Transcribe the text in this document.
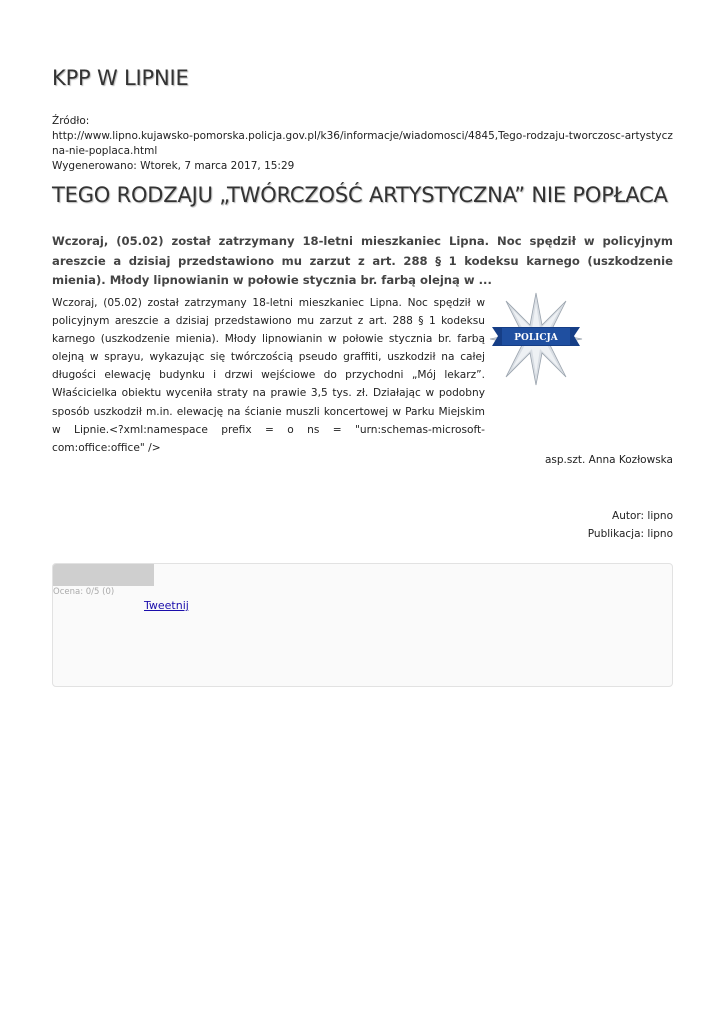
KPP W LIPNIE
Źródło:
http://www.lipno.kujawsko-pomorska.policja.gov.pl/k36/informacje/wiadomosci/4845,Tego-rodzaju-tworczosc-artystyczna-nie-poplaca.html
Wygenerowano: Wtorek, 7 marca 2017, 15:29
TEGO RODZAJU „TWÓRCZOŚĆ ARTYSTYCZNA” NIE POPŁACA

Wczoraj, (05.02) został zatrzymany 18-letni mieszkaniec Lipna. Noc spędził w policyjnym areszcie a dzisiaj przedstawiono mu zarzut z art. 288 § 1 kodeksu karnego (uszkodzenie mienia). Młody lipnowianin w połowie stycznia br. farbą olejną w ...

Wczoraj, (05.02) został zatrzymany 18-letni mieszkaniec Lipna. Noc spędził w policyjnym areszcie a dzisiaj przedstawiono mu zarzut z art. 288 § 1 kodeksu karnego (uszkodzenie mienia). Młody lipnowianin w połowie stycznia br. farbą olejną w sprayu, wykazując się twórczością pseudo graffiti, uszkodził na całej długości elewację budynku i drzwi wejściowe do przychodni „Mój lekarz”. Właścicielka obiektu wyceniła straty na prawie 3,5 tys. zł. Działając w podobny sposób uszkodził m.in. elewację na ścianie muszli koncertowej w Parku Miejskim w Lipnie.<?xml:namespace prefix = o ns = "urn:schemas-microsoft-com:office:office" />

POLICJA
asp.szt. Anna Kozłowska
Autor: lipno
Publikacja: lipno
Ocena: 0/5 (0)
Tweetnij
